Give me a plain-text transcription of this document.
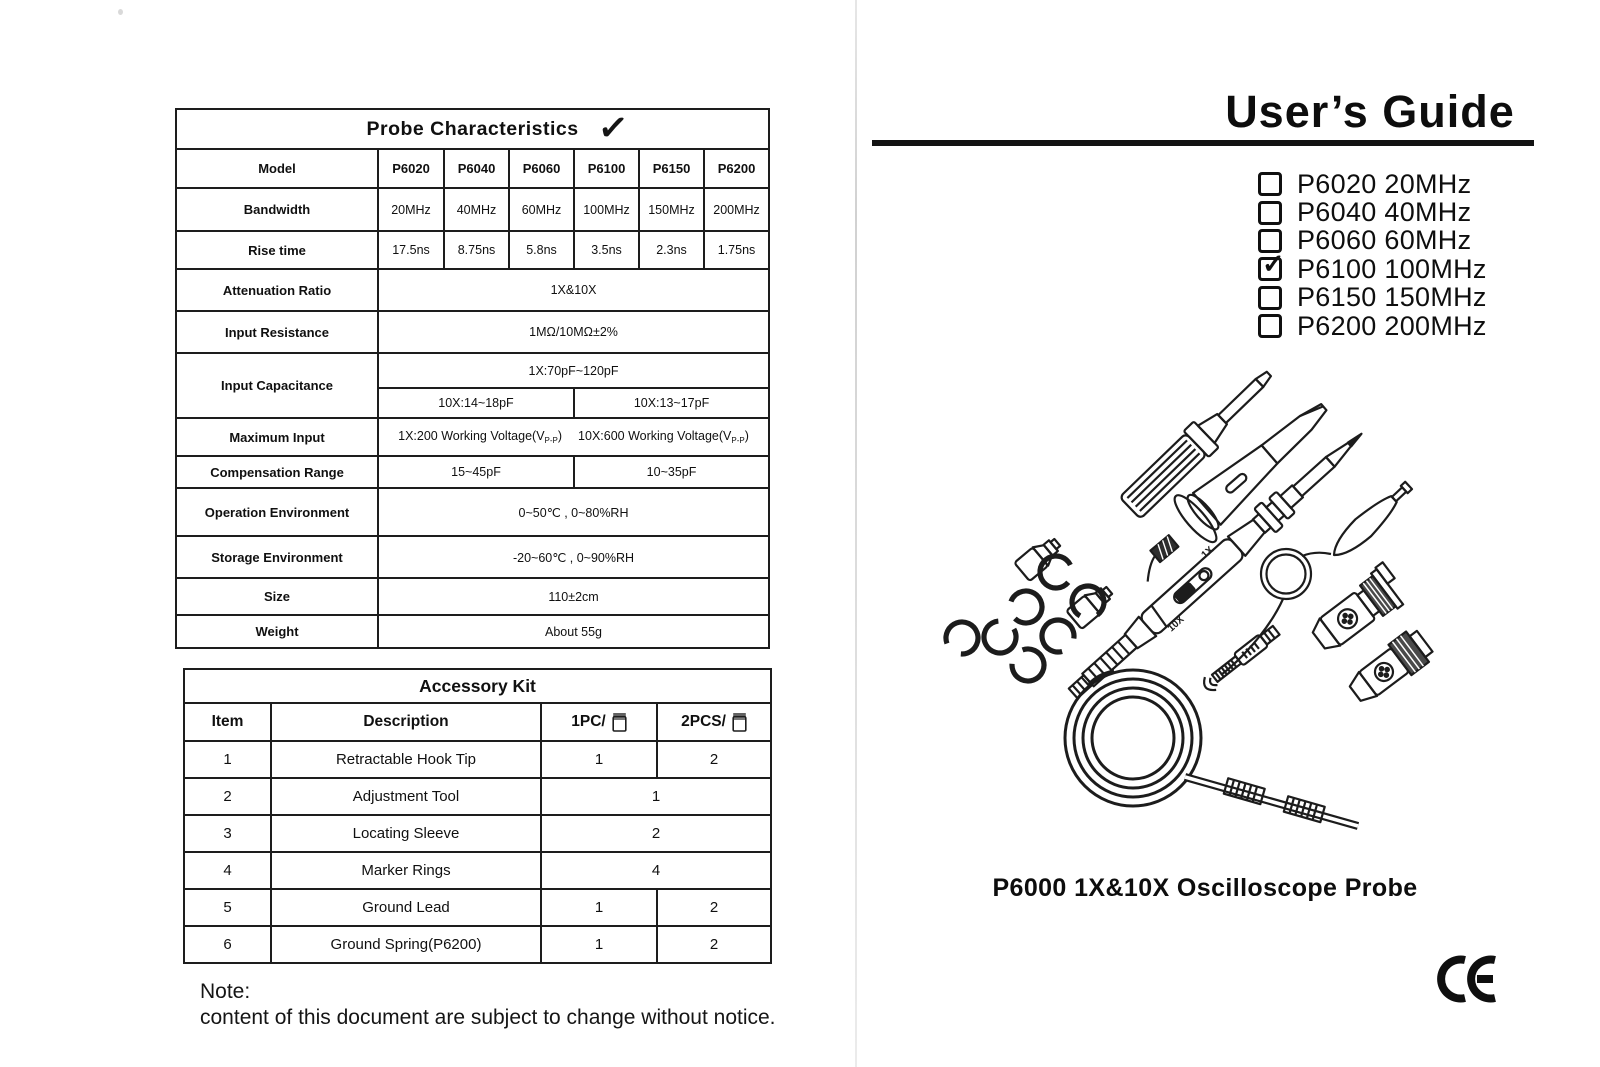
Probe Characteristics						
Model	P6020	P6040	P6060	P6100	P6150	P6200
Bandwidth	20MHz	40MHz	60MHz	100MHz	150MHz	200MHz
Rise time	17.5ns	8.75ns	5.8ns	3.5ns	2.3ns	1.75ns
Attenuation Ratio	1X&10X					
Input Resistance	1MΩ/10MΩ±2%					
Input Capacitance	1X:70pF~120pF					
	10X:14~18pF			10X:13~17pF		
Maximum Input	1X:200 Working $Voltage(V_{P-P})$ 10X:600 Working $Voltage(V_{P-P})$					
Compensation Range	15~45pF			10~35pF		
Operation Environment	0~50℃ , 0~80%RH					
Storage Environment	-20~60℃ , 0~90%RH					
Size	110±2cm					
Weight	About 55g					
✓
Accessory Kit			
Item	Description	1PC/	2PCS/

1	Retractable Hook Tip	1	2
2	Adjustment Tool	1	
3	Locating Sleeve	2	
4	Marker Rings	4	
5	Ground Lead	1	2
6	Ground Spring(P6200)	1	2
Note:
content of this document are subject to change without notice.
User’s Guide
P6020 20MHz
P6040 40MHz
P6060 60MHz
✓ P6100 100MHz
P6150 150MHz
P6200 200MHz
10X
1X
P6000 1X&10X Oscilloscope Probe
